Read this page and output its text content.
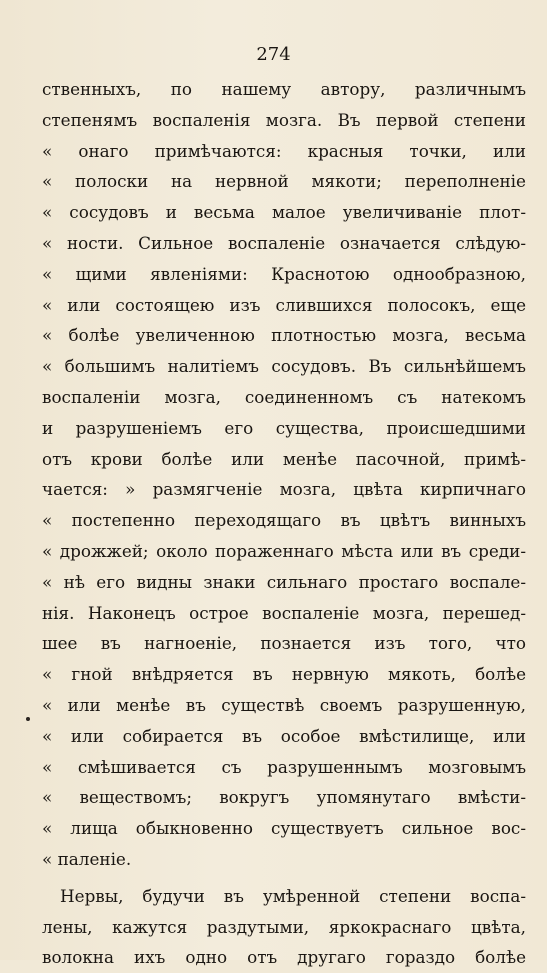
274
ственныхъ, по нашему автору, различнымъ
степенямъ воспаленія мозга. Въ первой степени
« онаго примѣчаются: красныя точки, или
« полоски на нервной мякоти; переполненіе
« сосудовъ и весьма малое увеличиваніе плот-
« ности. Сильное воспаленіе означается слѣдую-
« щими явленіями: Краснотою однообразною,
« или состоящею изъ слившихся полосокъ, еще
« болѣе увеличенною плотностью мозга, весьма
« большимъ налитіемъ сосудовъ. Въ сильнѣйшемъ
воспаленіи мозга, соединенномъ съ натекомъ
и разрушеніемъ его существа, происшедшими
отъ крови болѣе или менѣе пасочной, примѣ-
чается: » размягченіе мозга, цвѣта кирпичнаго
« постепенно переходящаго въ цвѣтъ винныхъ
« дрожжей; около пораженнаго мѣста или въ среди-
« нѣ его видны знаки сильнаго простаго воспале-
нія. Наконецъ острое воспаленіе мозга, перешед-
шее въ нагноеніе, познается изъ того, что
« гной внѣдряется въ нервную мякоть, болѣе
« или менѣе въ существѣ своемъ разрушенную,
« или собирается въ особое вмѣстилище, или
« смѣшивается съ разрушеннымъ мозговымъ
« веществомъ; вокругъ упомянутаго вмѣсти-
« лища обыкновенно существуетъ сильное вос-
« паленіе.
Нервы, будучи въ умѣренной степени воспа-
лены, кажутся раздутыми, яркокраснаго цвѣта,
волокна ихъ одно отъ другаго гораздо болѣе
